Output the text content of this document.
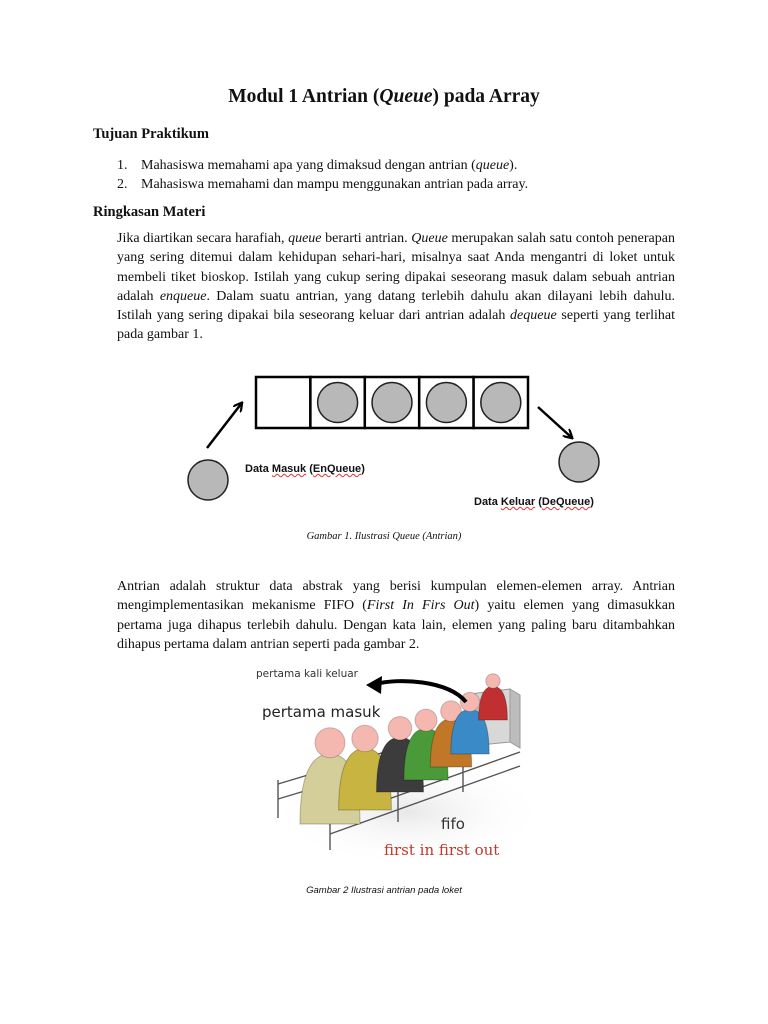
Modul 1 Antrian (Queue) pada Array
Tujuan Praktikum
1. Mahasiswa memahami apa yang dimaksud dengan antrian (queue).
2. Mahasiswa memahami dan mampu menggunakan antrian pada array.
Ringkasan Materi
Jika diartikan secara harafiah, queue berarti antrian. Queue merupakan salah satu contoh penerapan yang sering ditemui dalam kehidupan sehari-hari, misalnya saat Anda mengantri di loket untuk membeli tiket bioskop. Istilah yang cukup sering dipakai seseorang masuk dalam sebuah antrian adalah enqueue. Dalam suatu antrian, yang datang terlebih dahulu akan dilayani lebih dahulu. Istilah yang sering dipakai bila seseorang keluar dari antrian adalah dequeue seperti yang terlihat pada gambar 1.
Data Masuk (EnQueue)
Data Keluar (DeQueue)
Gambar 1. Ilustrasi Queue (Antrian)
Antrian adalah struktur data abstrak yang berisi kumpulan elemen-elemen array. Antrian mengimplementasikan mekanisme FIFO (First In Firs Out) yaitu elemen yang dimasukkan pertama juga dihapus terlebih dahulu. Dengan kata lain, elemen yang paling baru ditambahkan dihapus pertama dalam antrian seperti pada gambar 2.
pertama kali keluar
pertama masuk
fifo
first in first out
Gambar 2 Ilustrasi antrian pada loket
